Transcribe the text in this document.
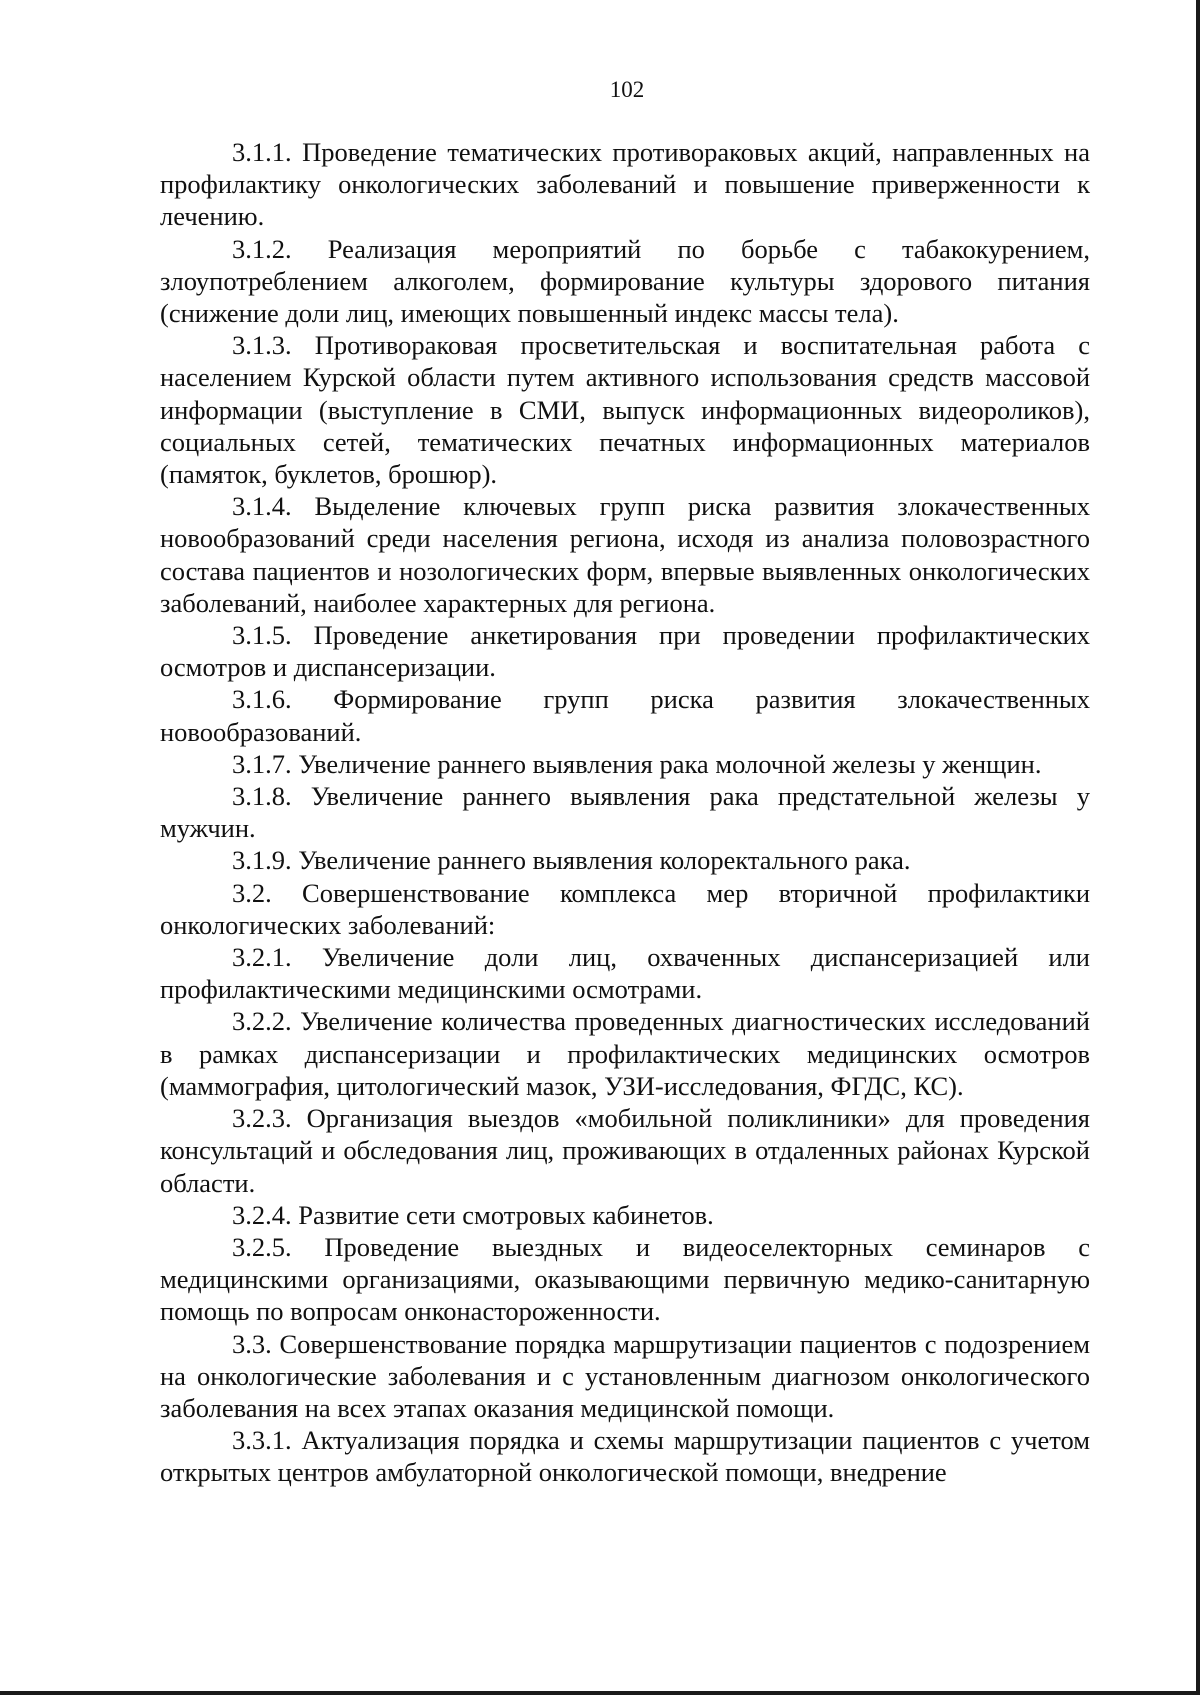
102

3.1.1. Проведение тематических противораковых акций, направленных на профилактику онкологических заболеваний и повышение приверженности к лечению.

3.1.2. Реализация мероприятий по борьбе с табакокурением, злоупотреблением алкоголем, формирование культуры здорового питания (снижение доли лиц, имеющих повышенный индекс массы тела).

3.1.3. Противораковая просветительская и воспитательная работа с населением Курской области путем активного использования средств массовой информации (выступление в СМИ, выпуск информационных видеороликов), социальных сетей, тематических печатных информационных материалов (памяток, буклетов, брошюр).

3.1.4. Выделение ключевых групп риска развития злокачественных новообразований среди населения региона, исходя из анализа половозрастного состава пациентов и нозологических форм, впервые выявленных онкологических заболеваний, наиболее характерных для региона.

3.1.5. Проведение анкетирования при проведении профилактических осмотров и диспансеризации.

3.1.6. Формирование групп риска развития злокачественных новообразований.

3.1.7. Увеличение раннего выявления рака молочной железы у женщин.

3.1.8. Увеличение раннего выявления рака предстательной железы у мужчин.

3.1.9. Увеличение раннего выявления колоректального рака.

3.2. Совершенствование комплекса мер вторичной профилактики онкологических заболеваний:

3.2.1. Увеличение доли лиц, охваченных диспансеризацией или профилактическими медицинскими осмотрами.

3.2.2. Увеличение количества проведенных диагностических исследований в рамках диспансеризации и профилактических медицинских осмотров (маммография, цитологический мазок, УЗИ-исследования, ФГДС, КС).

3.2.3. Организация выездов «мобильной поликлиники» для проведения консультаций и обследования лиц, проживающих в отдаленных районах Курской области.

3.2.4. Развитие сети смотровых кабинетов.

3.2.5. Проведение выездных и видеоселекторных семинаров с медицинскими организациями, оказывающими первичную медико-санитарную помощь по вопросам онконастороженности.

3.3. Совершенствование порядка маршрутизации пациентов с подозрением на онкологические заболевания и с установленным диагнозом онкологического заболевания на всех этапах оказания медицинской помощи.

3.3.1. Актуализация порядка и схемы маршрутизации пациентов с учетом открытых центров амбулаторной онкологической помощи, внедрение
